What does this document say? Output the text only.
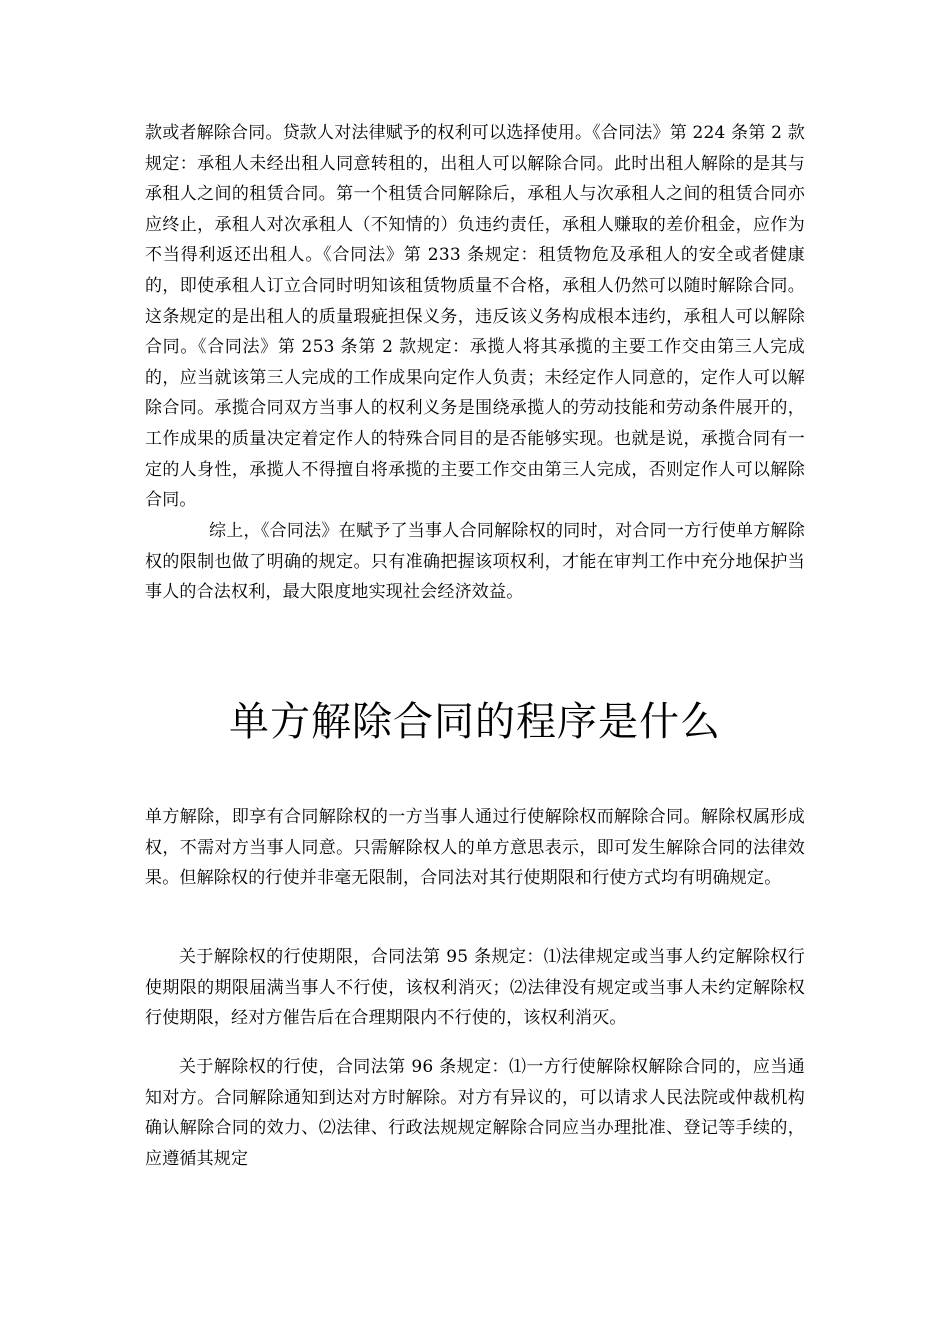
款或者解除合同。贷款人对法律赋予的权利可以选择使用。《合同法》第 224 条第 2 款规定：承租人未经出租人同意转租的，出租人可以解除合同。此时出租人解除的是其与承租人之间的租赁合同。第一个租赁合同解除后，承租人与次承租人之间的租赁合同亦应终止，承租人对次承租人（不知情的）负违约责任，承租人赚取的差价租金，应作为不当得利返还出租人。《合同法》第 233 条规定：租赁物危及承租人的安全或者健康的，即使承租人订立合同时明知该租赁物质量不合格，承租人仍然可以随时解除合同。这条规定的是出租人的质量瑕疵担保义务，违反该义务构成根本违约，承租人可以解除合同。《合同法》第 253 条第 2 款规定：承揽人将其承揽的主要工作交由第三人完成的，应当就该第三人完成的工作成果向定作人负责；未经定作人同意的，定作人可以解除合同。承揽合同双方当事人的权利义务是围绕承揽人的劳动技能和劳动条件展开的，工作成果的质量决定着定作人的特殊合同目的是否能够实现。也就是说，承揽合同有一定的人身性，承揽人不得擅自将承揽的主要工作交由第三人完成，否则定作人可以解除合同。

综上，《合同法》在赋予了当事人合同解除权的同时，对合同一方行使单方解除权的限制也做了明确的规定。只有准确把握该项权利，才能在审判工作中充分地保护当事人的合法权利，最大限度地实现社会经济效益。

单方解除合同的程序是什么

单方解除，即享有合同解除权的一方当事人通过行使解除权而解除合同。解除权属形成权，不需对方当事人同意。只需解除权人的单方意思表示，即可发生解除合同的法律效果。但解除权的行使并非毫无限制，合同法对其行使期限和行使方式均有明确规定。

关于解除权的行使期限，合同法第 95 条规定：⑴法律规定或当事人约定解除权行使期限的期限届满当事人不行使，该权利消灭；⑵法律没有规定或当事人未约定解除权行使期限，经对方催告后在合理期限内不行使的，该权利消灭。

关于解除权的行使，合同法第 96 条规定：⑴一方行使解除权解除合同的，应当通知对方。合同解除通知到达对方时解除。对方有异议的，可以请求人民法院或仲裁机构确认解除合同的效力、⑵法律、行政法规规定解除合同应当办理批准、登记等手续的，应遵循其规定
